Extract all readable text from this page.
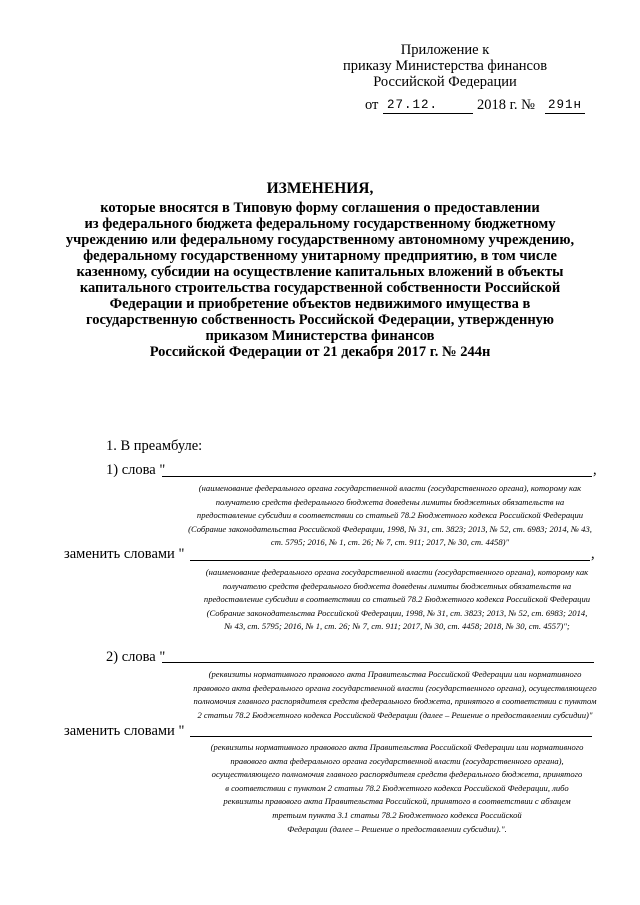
Приложение к
приказу Министерства финансов
Российской Федерации
от 27.12.	2018 г. № 291н
ИЗМЕНЕНИЯ,
которые вносятся в Типовую форму соглашения о предоставлении
из федерального бюджета федеральному государственному бюджетному
учреждению или федеральному государственному автономному учреждению,
федеральному государственному унитарному предприятию, в том числе
казенному, субсидии на осуществление капитальных вложений в объекты
капитального строительства государственной собственности Российской
Федерации и приобретение объектов недвижимого имущества в
государственную собственность Российской Федерации, утвержденную
приказом Министерства финансов
Российской Федерации от 21 декабря 2017 г. № 244н
1. В преамбуле:
1) слова "	,
(наименование федерального органа государственной власти (государственного органа), которому как
получателю средств федерального бюджета доведены лимиты бюджетных обязательств на
предоставление субсидии в соответствии со статьей 78.2 Бюджетного кодекса Российской Федерации
(Собрание законодательства Российской Федерации, 1998, № 31, ст. 3823; 2013, № 52, ст. 6983; 2014, № 43,
ст. 5795; 2016, № 1, ст. 26; № 7, ст. 911; 2017, № 30, ст. 4458)"
заменить словами "	,
(наименование федерального органа государственной власти (государственного органа), которому как
получателю средств федерального бюджета доведены лимиты бюджетных обязательств на
предоставление субсидии в соответствии со статьей 78.2 Бюджетного кодекса Российской Федерации
(Собрание законодательства Российской Федерации, 1998, № 31, ст. 3823; 2013, № 52, ст. 6983; 2014,
№ 43, ст. 5795; 2016, № 1, ст. 26; № 7, ст. 911; 2017, № 30, ст. 4458; 2018, № 30, ст. 4557)";
2) слова "
(реквизиты нормативного правового акта Правительства Российской Федерации или нормативного
правового акта федерального органа государственной власти (государственного органа), осуществляющего
полномочия главного распорядителя средств федерального бюджета, принятого в соответствии с пунктом
2 статьи 78.2 Бюджетного кодекса Российской Федерации (далее – Решение о предоставлении субсидии)"
заменить словами "
(реквизиты нормативного правового акта Правительства Российской Федерации или нормативного
правового акта федерального органа государственной власти (государственного органа),
осуществляющего полномочия главного распорядителя средств федерального бюджета, принятого
в соответствии с пунктом 2 статьи 78.2 Бюджетного кодекса Российской Федерации, либо
реквизиты правового акта Правительства Российской, принятого в соответствии с абзацем
третьим пункта 3.1 статьи 78.2 Бюджетного кодекса Российской
Федерации (далее – Решение о предоставлении субсидии).".
